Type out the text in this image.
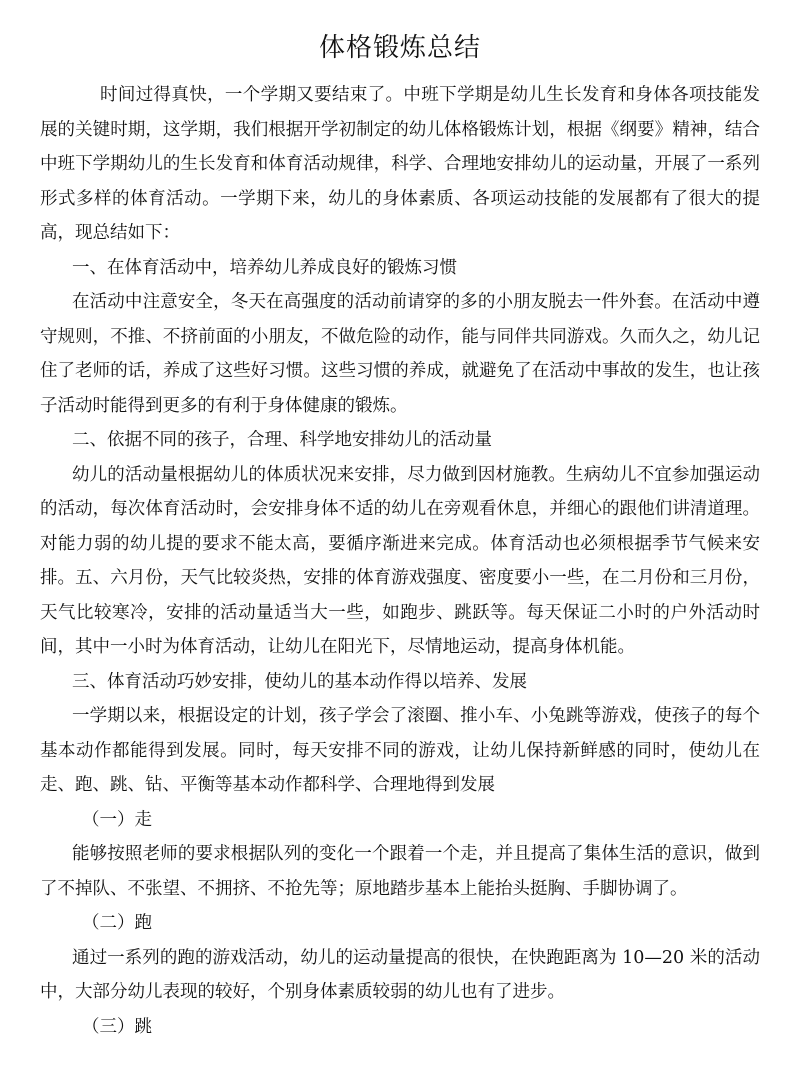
体格锻炼总结

时间过得真快，一个学期又要结束了。中班下学期是幼儿生长发育和身体各项技能发展的关键时期，这学期，我们根据开学初制定的幼儿体格锻炼计划，根据《纲要》精神，结合中班下学期幼儿的生长发育和体育活动规律，科学、合理地安排幼儿的运动量，开展了一系列形式多样的体育活动。一学期下来，幼儿的身体素质、各项运动技能的发展都有了很大的提高，现总结如下：

一、在体育活动中，培养幼儿养成良好的锻炼习惯

在活动中注意安全，冬天在高强度的活动前请穿的多的小朋友脱去一件外套。在活动中遵守规则，不推、不挤前面的小朋友，不做危险的动作，能与同伴共同游戏。久而久之，幼儿记住了老师的话，养成了这些好习惯。这些习惯的养成，就避免了在活动中事故的发生，也让孩子活动时能得到更多的有利于身体健康的锻炼。

二、依据不同的孩子，合理、科学地安排幼儿的活动量

幼儿的活动量根据幼儿的体质状况来安排，尽力做到因材施教。生病幼儿不宜参加强运动的活动，每次体育活动时，会安排身体不适的幼儿在旁观看休息，并细心的跟他们讲清道理。对能力弱的幼儿提的要求不能太高，要循序渐进来完成。体育活动也必须根据季节气候来安排。五、六月份，天气比较炎热，安排的体育游戏强度、密度要小一些，在二月份和三月份，天气比较寒冷，安排的活动量适当大一些，如跑步、跳跃等。每天保证二小时的户外活动时间，其中一小时为体育活动，让幼儿在阳光下，尽情地运动，提高身体机能。

三、体育活动巧妙安排，使幼儿的基本动作得以培养、发展

一学期以来，根据设定的计划，孩子学会了滚圈、推小车、小兔跳等游戏，使孩子的每个基本动作都能得到发展。同时，每天安排不同的游戏，让幼儿保持新鲜感的同时，使幼儿在走、跑、跳、钻、平衡等基本动作都科学、合理地得到发展

（一）走

能够按照老师的要求根据队列的变化一个跟着一个走，并且提高了集体生活的意识，做到了不掉队、不张望、不拥挤、不抢先等；原地踏步基本上能抬头挺胸、手脚协调了。

（二）跑

通过一系列的跑的游戏活动，幼儿的运动量提高的很快，在快跑距离为 10—20 米的活动中，大部分幼儿表现的较好，个别身体素质较弱的幼儿也有了进步。

（三）跳
